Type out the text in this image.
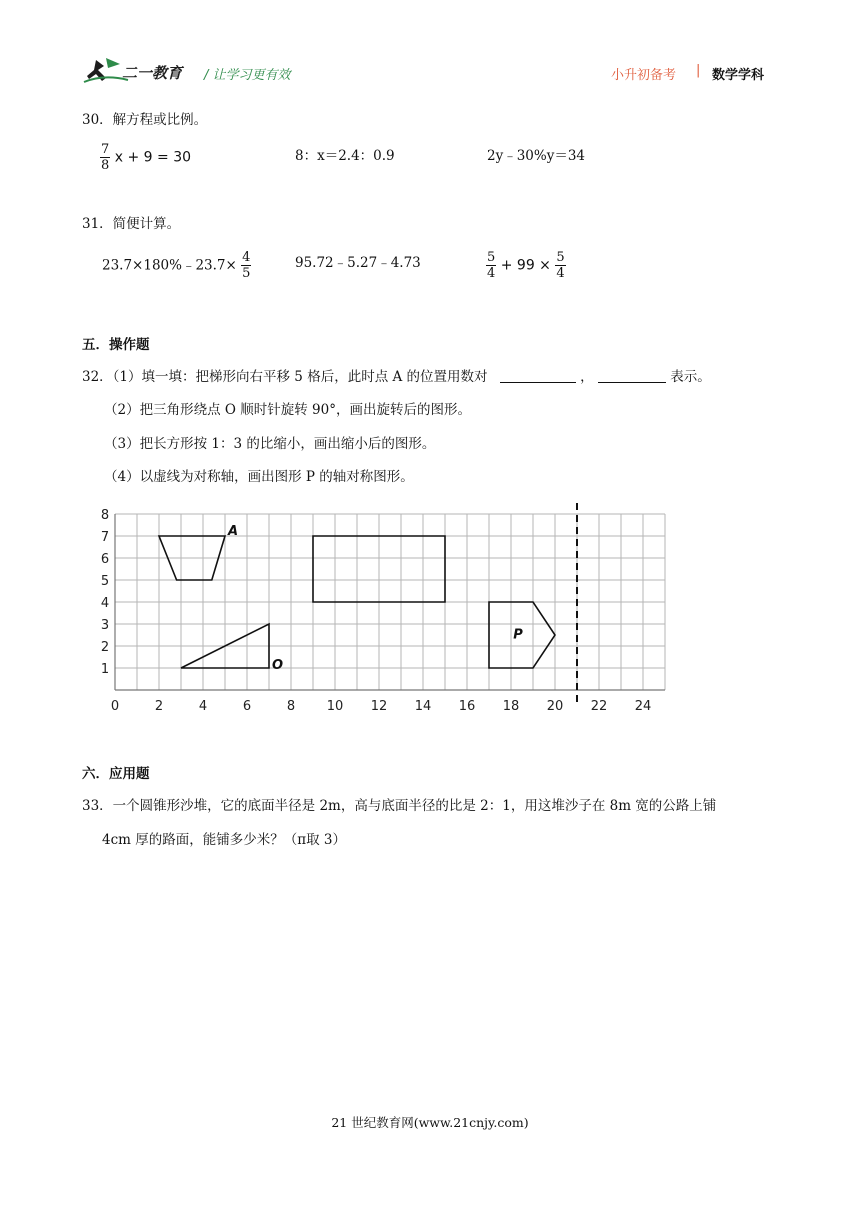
二一教育 / 让学习更有效	小升初备考 | 数学学科
30．解方程或比例。
$\frac{7}{8}$ x + 9 = 30	8：x＝2.4：0.9	2y﹣30%y＝34
31．简便计算。
23.7×180%﹣23.7× $\frac{4}{5}$	95.72﹣5.27﹣4.73	$\frac{5}{4} + 99 \times \frac{5}{4}$
五．操作题
32．（1）填一填：把梯形向右平移 5 格后，此时点 A 的位置用数对	，	表示。
（2）把三角形绕点 O 顺时针旋转 90°，画出旋转后的图形。
（3）把长方形按 1：3 的比缩小，画出缩小后的图形。
（4）以虚线为对称轴，画出图形 P 的轴对称图形。
0	2	4	6	8 10 12 14 16 18 20 22 24
1
2
3
4
5
6
7
8
A
O
P
六．应用题
33．一个圆锥形沙堆，它的底面半径是 2m，高与底面半径的比是 2：1，用这堆沙子在 8m 宽的公路上铺
4cm 厚的路面，能铺多少米？（π取 3）
21 世纪教育网(www.21cnjy.com)
